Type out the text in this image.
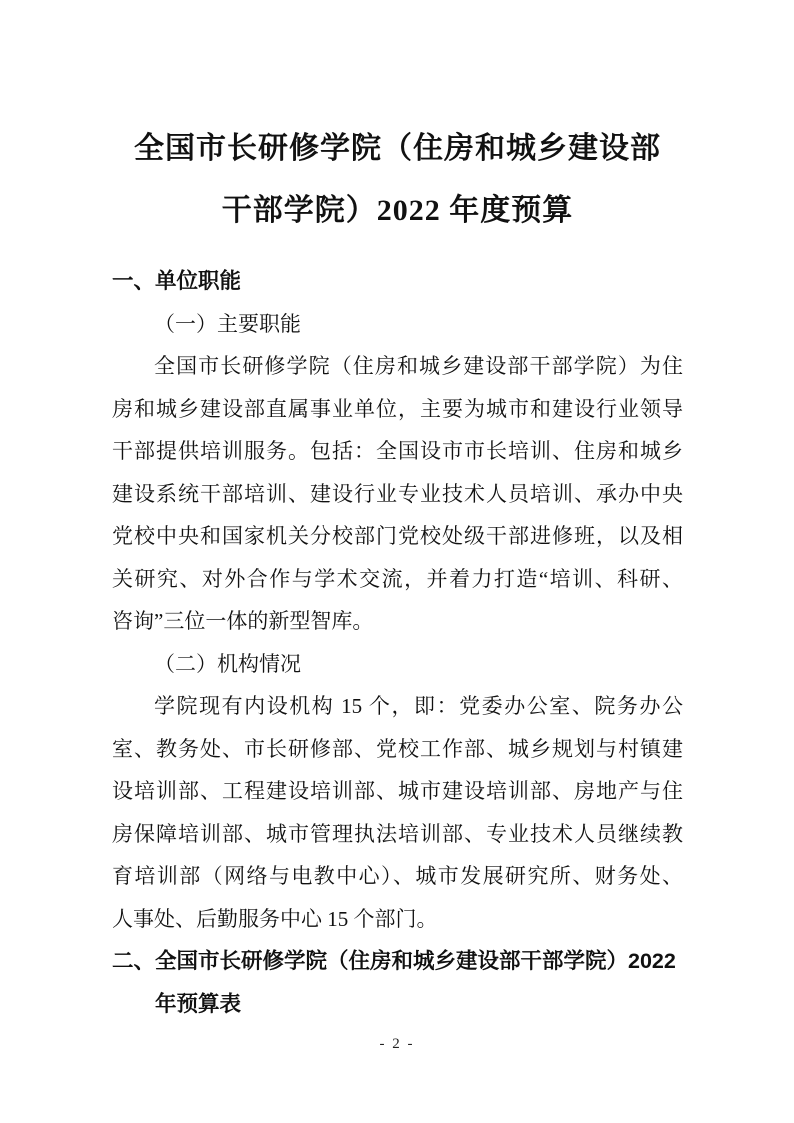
全国市长研修学院（住房和城乡建设部
干部学院）2022 年度预算
一、单位职能
（一）主要职能
全国市长研修学院（住房和城乡建设部干部学院）为住
房和城乡建设部直属事业单位，主要为城市和建设行业领导
干部提供培训服务。包括：全国设市市长培训、住房和城乡
建设系统干部培训、建设行业专业技术人员培训、承办中央
党校中央和国家机关分校部门党校处级干部进修班，以及相
关研究、对外合作与学术交流，并着力打造“培训、科研、
咨询”三位一体的新型智库。
（二）机构情况
学院现有内设机构 15 个，即：党委办公室、院务办公
室、教务处、市长研修部、党校工作部、城乡规划与村镇建
设培训部、工程建设培训部、城市建设培训部、房地产与住
房保障培训部、城市管理执法培训部、专业技术人员继续教
育培训部（网络与电教中心）、城市发展研究所、财务处、
人事处、后勤服务中心 15 个部门。
二、全国市长研修学院（住房和城乡建设部干部学院）2022
年预算表
- 2 -
